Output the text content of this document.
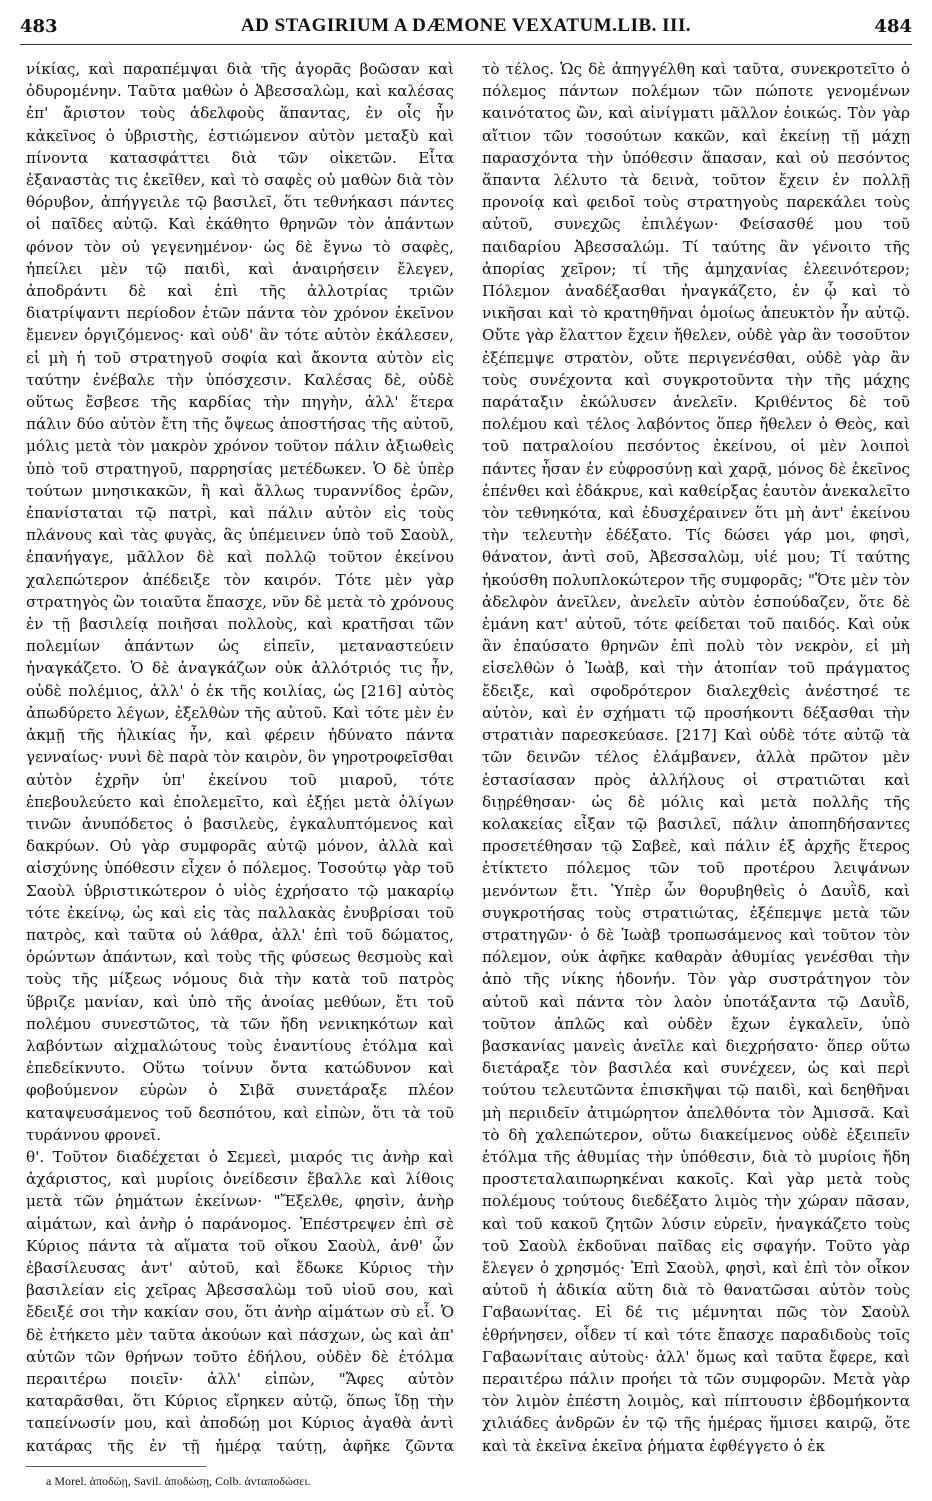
483	AD STAGIRIUM A DÆMONE VEXATUM.LIB. III.	484

νίκίας, καὶ παραπέμψαι διὰ τῆς ἀγορᾶς βοῶσαν καὶ ὀδυρομένην. Ταῦτα μαθὼν ὁ Ἀβεσσαλὼμ, καὶ καλέσας ἐπ' ἄριστον τοὺς ἀδελφοὺς ἅπαντας, ἐν οἷς ἦν κἀκεῖνος ὁ ὑβριστὴς, ἑστιώμενον αὐτὸν μεταξὺ καὶ πίνοντα κατασφάττει διὰ τῶν οἰκετῶν. Εἶτα ἐξαναστὰς τις ἐκεῖθεν, καὶ τὸ σαφὲς οὐ μαθὼν διὰ τὸν θόρυβον, ἀπήγγειλε τῷ βασιλεῖ, ὅτι τεθνήκασι πάντες οἱ παῖδες αὐτῷ. Καὶ ἐκάθητο θρηνῶν τὸν ἁπάντων φόνον τὸν οὐ γεγενημένον· ὡς δὲ ἔγνω τὸ σαφὲς, ἠπείλει μὲν τῷ παιδὶ, καὶ ἀναιρήσειν ἔλεγεν, ἀποδράντι δὲ καὶ ἐπὶ τῆς ἀλλοτρίας τριῶν διατρίψαντι περίοδον ἐτῶν πάντα τὸν χρόνον ἐκεῖνον ἔμενεν ὀργιζόμενος· καὶ οὐδ' ἂν τότε αὐτὸν ἐκάλεσεν, εἰ μὴ ἡ τοῦ στρατηγοῦ σοφία καὶ ἄκοντα αὐτὸν εἰς ταύτην ἐνέβαλε τὴν ὑπόσχεσιν. Καλέσας δὲ, οὐδὲ οὕτως ἔσβεσε τῆς καρδίας τὴν πηγὴν, ἀλλ' ἕτερα πάλιν δύο αὐτὸν ἔτη τῆς ὄψεως ἀποστήσας τῆς αὐτοῦ, μόλις μετὰ τὸν μακρὸν χρόνον τοῦτον πάλιν ἀξιωθεὶς ὑπὸ τοῦ στρατηγοῦ, παρρησίας μετέδωκεν. Ὁ δὲ ὑπὲρ τούτων μνησικακῶν, ἢ καὶ ἄλλως τυραννίδος ἐρῶν, ἐπανίσταται τῷ πατρὶ, καὶ πάλιν αὐτὸν εἰς τοὺς πλάνους καὶ τὰς φυγὰς, ἃς ὑπέμεινεν ὑπὸ τοῦ Σαοὺλ, ἐπανήγαγε, μᾶλλον δὲ καὶ πολλῷ τοῦτον ἐκείνου χαλεπώτερον ἀπέδειξε τὸν καιρόν. Τότε μὲν γὰρ στρατηγὸς ὢν τοιαῦτα ἔπασχε, νῦν δὲ μετὰ τὸ χρόνους ἐν τῇ βασιλείᾳ ποιῆσαι πολλοὺς, καὶ κρατῆσαι τῶν πολεμίων ἁπάντων ὡς εἰπεῖν, μεταναστεύειν ἠναγκάζετο. Ὁ δὲ ἀναγκάζων οὐκ ἀλλότριός τις ἦν, οὐδὲ πολέμιος, ἀλλ' ὁ ἐκ τῆς κοιλίας, ὡς [216] αὐτὸς ἀπωδύρετο λέγων, ἐξελθὼν τῆς αὐτοῦ. Καὶ τότε μὲν ἐν ἀκμῇ τῆς ἡλικίας ἦν, καὶ φέρειν ἠδύνατο πάντα γενναίως· νυνὶ δὲ παρὰ τὸν καιρὸν, ὃν γηροτροφεῖσθαι αὐτὸν ἐχρῆν ὑπ' ἐκείνου τοῦ μιαροῦ, τότε ἐπεβουλεύετο καὶ ἐπολεμεῖτο, καὶ ἐξῄει μετὰ ὀλίγων τινῶν ἀνυπόδετος ὁ βασιλεὺς, ἐγκαλυπτόμενος καὶ δακρύων. Οὐ γὰρ συμφορᾶς αὐτῷ μόνον, ἀλλὰ καὶ αἰσχύνης ὑπόθεσιν εἶχεν ὁ πόλεμος. Τοσούτῳ γὰρ τοῦ Σαοὺλ ὑβριστικώτερον ὁ υἱὸς ἐχρήσατο τῷ μακαρίῳ τότε ἐκείνῳ, ὡς καὶ εἰς τὰς παλλακὰς ἐνυβρίσαι τοῦ πατρὸς, καὶ ταῦτα οὐ λάθρα, ἀλλ' ἐπὶ τοῦ δώματος, ὁρώντων ἁπάντων, καὶ τοὺς τῆς φύσεως θεσμοὺς καὶ τοὺς τῆς μίξεως νόμους διὰ τὴν κατὰ τοῦ πατρὸς ὕβριζε μανίαν, καὶ ὑπὸ τῆς ἀνοίας μεθύων, ἔτι τοῦ πολέμου συνεστῶτος, τὰ τῶν ἤδη νενικηκότων καὶ λαβόντων αἰχμαλώτους τοὺς ἐναντίους ἐτόλμα καὶ ἐπεδείκνυτο. Οὕτω τοίνυν ὄντα κατώδυνον καὶ φοβούμενον εὑρὼν ὁ Σιβᾶ συνετάραξε πλέον καταψευσάμενος τοῦ δεσπότου, καὶ εἰπὼν, ὅτι τὰ τοῦ τυράννου φρονεῖ.

θ'. Τοῦτον διαδέχεται ὁ Σεμεεὶ, μιαρός τις ἀνὴρ καὶ ἀχάριστος, καὶ μυρίοις ὀνείδεσιν ἔβαλλε καὶ λίθοις μετὰ τῶν ῥημάτων ἐκείνων· "Ἔξελθε, φησὶν, ἀνὴρ αἱμάτων, καὶ ἀνὴρ ὁ παράνομος. Ἐπέστρεψεν ἐπὶ σὲ Κύριος πάντα τὰ αἵματα τοῦ οἴκου Σαοὺλ, ἀνθ' ὧν ἐβασίλευσας ἀντ' αὐτοῦ, καὶ ἔδωκε Κύριος τὴν βασιλείαν εἰς χεῖρας Ἀβεσσαλὼμ τοῦ υἱοῦ σου, καὶ ἔδειξέ σοι τὴν κακίαν σου, ὅτι ἀνὴρ αἱμάτων σὺ εἶ. Ὁ δὲ ἐτήκετο μὲν ταῦτα ἀκούων καὶ πάσχων, ὡς καὶ ἀπ' αὐτῶν τῶν θρήνων τοῦτο ἐδήλου, οὐδὲν δὲ ἐτόλμα περαιτέρω ποιεῖν· ἀλλ' εἰπὼν, "Ἄφες αὐτὸν καταρᾶσθαι, ὅτι Κύριος εἴρηκεν αὐτῷ, ὅπως ἴδῃ τὴν ταπείνωσίν μου, καὶ ἀποδώῃ μοι Κύριος ἀγαθὰ ἀντὶ κατάρας τῆς ἐν τῇ ἡμέρᾳ ταύτῃ, ἀφῆκε ζῶντα

τὸ τέλος. Ὡς δὲ ἀπηγγέλθη καὶ ταῦτα, συνεκροτεῖτο ὁ πόλεμος πάντων πολέμων τῶν πώποτε γενομένων καινότατος ὢν, καὶ αἰνίγματι μᾶλλον ἐοικώς. Τὸν γὰρ αἴτιον τῶν τοσούτων κακῶν, καὶ ἐκείνῃ τῇ μάχῃ παρασχόντα τὴν ὑπόθεσιν ἅπασαν, καὶ οὐ πεσόντος ἅπαντα λέλυτο τὰ δεινὰ, τοῦτον ἔχειν ἐν πολλῇ προνοίᾳ καὶ φειδοῖ τοὺς στρατηγοὺς παρεκάλει τοὺς αὐτοῦ, συνεχῶς ἐπιλέγων· Φείσασθέ μου τοῦ παιδαρίου Ἀβεσσαλώμ. Τί ταύτης ἂν γένοιτο τῆς ἀπορίας χεῖρον; τί τῆς ἀμηχανίας ἐλεεινότερον; Πόλεμον ἀναδέξασθαι ἠναγκάζετο, ἐν ᾧ καὶ τὸ νικῆσαι καὶ τὸ κρατηθῆναι ὁμοίως ἀπευκτὸν ἦν αὐτῷ. Οὔτε γὰρ ἔλαττον ἔχειν ἤθελεν, οὐδὲ γὰρ ἂν τοσοῦτον ἐξέπεμψε στρατὸν, οὔτε περιγενέσθαι, οὐδὲ γὰρ ἂν τοὺς συνέχοντα καὶ συγκροτοῦντα τὴν τῆς μάχης παράταξιν ἐκώλυσεν ἀνελεῖν. Κριθέντος δὲ τοῦ πολέμου καὶ τέλος λαβόντος ὅπερ ἤθελεν ὁ Θεὸς, καὶ τοῦ πατραλοίου πεσόντος ἐκείνου, οἱ μὲν λοιποὶ πάντες ἦσαν ἐν εὐφροσύνῃ καὶ χαρᾷ, μόνος δὲ ἐκεῖνος ἐπένθει καὶ ἐδάκρυε, καὶ καθείρξας ἑαυτὸν ἀνεκαλεῖτο τὸν τεθνηκότα, καὶ ἐδυσχέραινεν ὅτι μὴ ἀντ' ἐκείνου τὴν τελευτὴν ἐδέξατο. Τίς δώσει γάρ μοι, φησὶ, θάνατον, ἀντὶ σοῦ, Ἀβεσσαλὼμ, υἱέ μου; Τί ταύτης ἠκούσθη πολυπλοκώτερον τῆς συμφορᾶς; "Ὅτε μὲν τὸν ἀδελφὸν ἀνεῖλεν, ἀνελεῖν αὐτὸν ἐσπούδαζεν, ὅτε δὲ ἐμάνη κατ' αὐτοῦ, τότε φείδεται τοῦ παιδός. Καὶ οὐκ ἂν ἐπαύσατο θρηνῶν ἐπὶ πολὺ τὸν νεκρὸν, εἰ μὴ εἰσελθὼν ὁ Ἰωὰβ, καὶ τὴν ἀτοπίαν τοῦ πράγματος ἔδειξε, καὶ σφοδρότερον διαλεχθεὶς ἀνέστησέ τε αὐτὸν, καὶ ἐν σχήματι τῷ προσήκοντι δέξασθαι τὴν στρατιὰν παρεσκεύασε. [217] Καὶ οὐδὲ τότε αὐτῷ τὰ τῶν δεινῶν τέλος ἐλάμβανεν, ἀλλὰ πρῶτον μὲν ἐστασίασαν πρὸς ἀλλήλους οἱ στρατιῶται καὶ διῃρέθησαν· ὡς δὲ μόλις καὶ μετὰ πολλῆς τῆς κολακείας εἶξαν τῷ βασιλεῖ, πάλιν ἀποπηδήσαντες προσετέθησαν τῷ Σαβεὲ, καὶ πάλιν ἐξ ἀρχῆς ἕτερος ἐτίκτετο πόλεμος τῶν τοῦ προτέρου λειψάνων μενόντων ἔτι. Ὑπὲρ ὧν θορυβηθεὶς ὁ Δαυῒδ, καὶ συγκροτήσας τοὺς στρατιώτας, ἐξέπεμψε μετὰ τῶν στρατηγῶν· ὁ δὲ Ἰωὰβ τροπωσάμενος καὶ τοῦτον τὸν πόλεμον, οὐκ ἀφῆκε καθαρὰν ἀθυμίας γενέσθαι τὴν ἀπὸ τῆς νίκης ἡδονήν. Τὸν γὰρ συστράτηγον τὸν αὐτοῦ καὶ πάντα τὸν λαὸν ὑποτάξαντα τῷ Δαυῒδ, τοῦτον ἁπλῶς καὶ οὐδὲν ἔχων ἐγκαλεῖν, ὑπὸ βασκανίας μανεὶς ἀνεῖλε καὶ διεχρήσατο· ὅπερ οὕτω διετάραξε τὸν βασιλέα καὶ συνέχεεν, ὡς καὶ περὶ τούτου τελευτῶντα ἐπισκῆψαι τῷ παιδὶ, καὶ δεηθῆναι μὴ περιιδεῖν ἀτιμώρητον ἀπελθόντα τὸν Ἀμισσᾶ. Καὶ τὸ δὴ χαλεπώτερον, οὕτω διακείμενος οὐδὲ ἐξειπεῖν ἐτόλμα τῆς ἀθυμίας τὴν ὑπόθεσιν, διὰ τὸ μυρίοις ἤδη προστεταλαιπωρηκέναι κακοῖς. Καὶ γὰρ μετὰ τοὺς πολέμους τούτους διεδέξατο λιμὸς τὴν χώραν πᾶσαν, καὶ τοῦ κακοῦ ζητῶν λύσιν εὑρεῖν, ἠναγκάζετο τοὺς τοῦ Σαοὺλ ἐκδοῦναι παῖδας εἰς σφαγήν. Τοῦτο γὰρ ἔλεγεν ὁ χρησμός· Ἐπὶ Σαοὺλ, φησὶ, καὶ ἐπὶ τὸν οἶκον αὐτοῦ ἡ ἀδικία αὕτη διὰ τὸ θανατῶσαι αὐτὸν τοὺς Γαβαωνίτας. Εἰ δέ τις μέμνηται πῶς τὸν Σαοὺλ ἐθρήνησεν, οἶδεν τί καὶ τότε ἔπασχε παραδιδοὺς τοῖς Γαβαωνίταις αὐτοὺς· ἀλλ' ὅμως καὶ ταῦτα ἔφερε, καὶ περαιτέρω πάλιν προήει τὰ τῶν συμφορῶν. Μετὰ γὰρ τὸν λιμὸν ἐπέστη λοιμὸς, καὶ πίπτουσιν ἑβδομήκοντα χιλιάδες ἀνδρῶν ἐν τῷ τῆς ἡμέρας ἥμισει καιρῷ, ὅτε καὶ τὰ ἐκεῖνα ἐκεῖνα ῥήματα ἐφθέγγετο ὁ ἐκ

a Morel. ἀποδώῃ, Savil. ἀποδώσῃ, Colb. ἀνταποδώσει.
